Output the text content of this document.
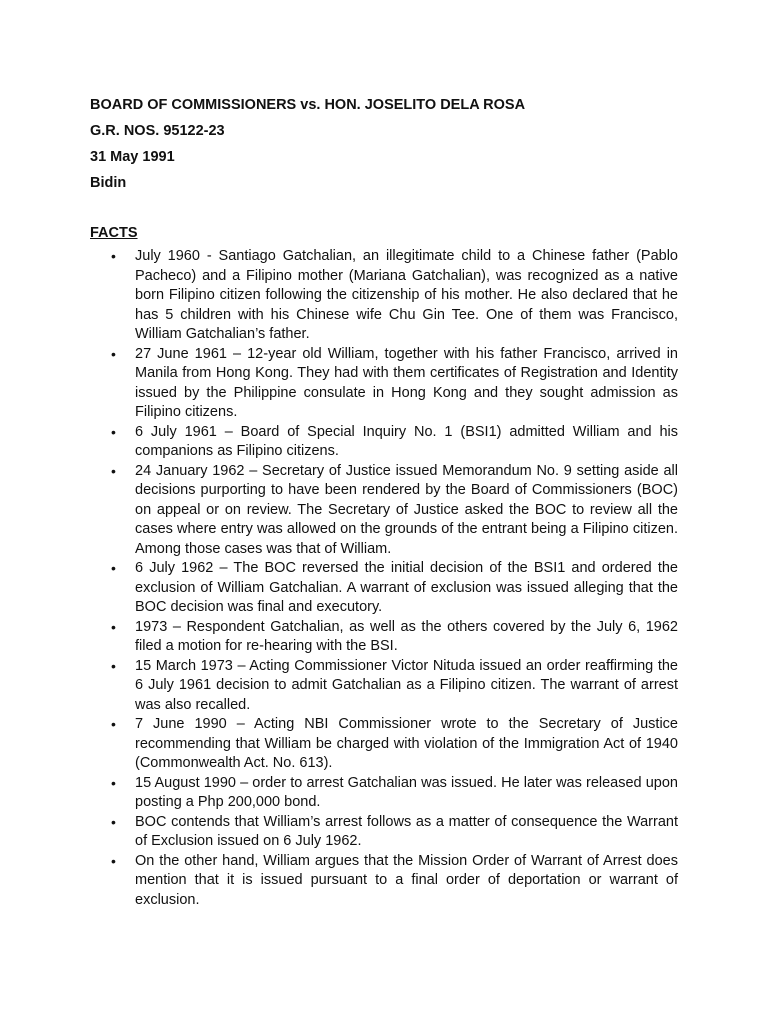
BOARD OF COMMISSIONERS vs. HON. JOSELITO DELA ROSA

G.R. NOS. 95122-23

31 May 1991

Bidin

FACTS
• July 1960 - Santiago Gatchalian, an illegitimate child to a Chinese father (Pablo Pacheco) and a Filipino mother (Mariana Gatchalian), was recognized as a native born Filipino citizen following the citizenship of his mother. He also declared that he has 5 children with his Chinese wife Chu Gin Tee. One of them was Francisco, William Gatchalian’s father.
• 27 June 1961 – 12-year old William, together with his father Francisco, arrived in Manila from Hong Kong. They had with them certificates of Registration and Identity issued by the Philippine consulate in Hong Kong and they sought admission as Filipino citizens.
• 6 July 1961 – Board of Special Inquiry No. 1 (BSI1) admitted William and his companions as Filipino citizens.
• 24 January 1962 – Secretary of Justice issued Memorandum No. 9 setting aside all decisions purporting to have been rendered by the Board of Commissioners (BOC) on appeal or on review. The Secretary of Justice asked the BOC to review all the cases where entry was allowed on the grounds of the entrant being a Filipino citizen. Among those cases was that of William.
• 6 July 1962 – The BOC reversed the initial decision of the BSI1 and ordered the exclusion of William Gatchalian. A warrant of exclusion was issued alleging that the BOC decision was final and executory.
• 1973 – Respondent Gatchalian, as well as the others covered by the July 6, 1962 filed a motion for re-hearing with the BSI.
• 15 March 1973 – Acting Commissioner Victor Nituda issued an order reaffirming the 6 July 1961 decision to admit Gatchalian as a Filipino citizen. The warrant of arrest was also recalled.
• 7 June 1990 – Acting NBI Commissioner wrote to the Secretary of Justice recommending that William be charged with violation of the Immigration Act of 1940 (Commonwealth Act. No. 613).
• 15 August 1990 – order to arrest Gatchalian was issued. He later was released upon posting a Php 200,000 bond.
• BOC contends that William’s arrest follows as a matter of consequence the Warrant of Exclusion issued on 6 July 1962.
• On the other hand, William argues that the Mission Order of Warrant of Arrest does mention that it is issued pursuant to a final order of deportation or warrant of exclusion.
